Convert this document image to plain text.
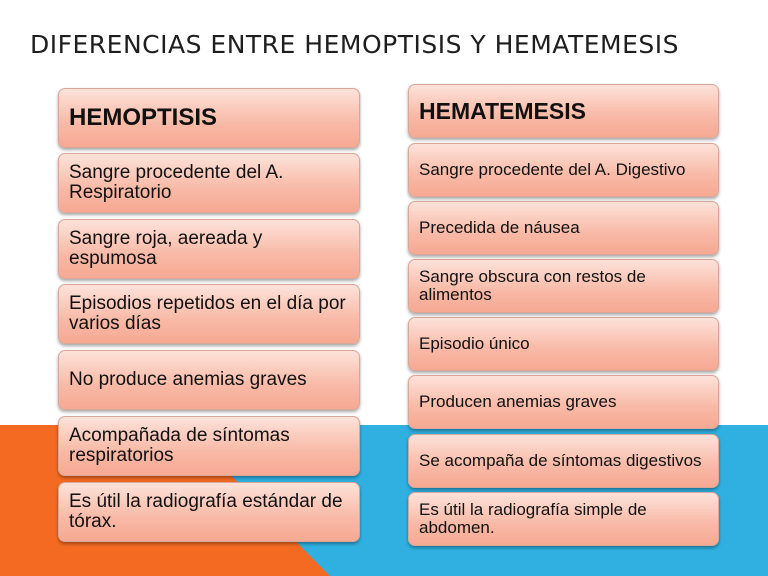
DIFERENCIAS ENTRE HEMOPTISIS Y HEMATEMESIS
HEMOPTISIS
Sangre procedente del A. Respiratorio
Sangre roja, aereada y espumosa
Episodios repetidos en el día por varios días
No produce anemias graves
Acompañada de síntomas respiratorios
Es útil la radiografía estándar de tórax.
HEMATEMESIS
Sangre procedente del A. Digestivo
Precedida de náusea
Sangre obscura con restos de alimentos
Episodio único
Producen anemias graves
Se acompaña de síntomas digestivos
Es útil la radiografía simple de abdomen.
